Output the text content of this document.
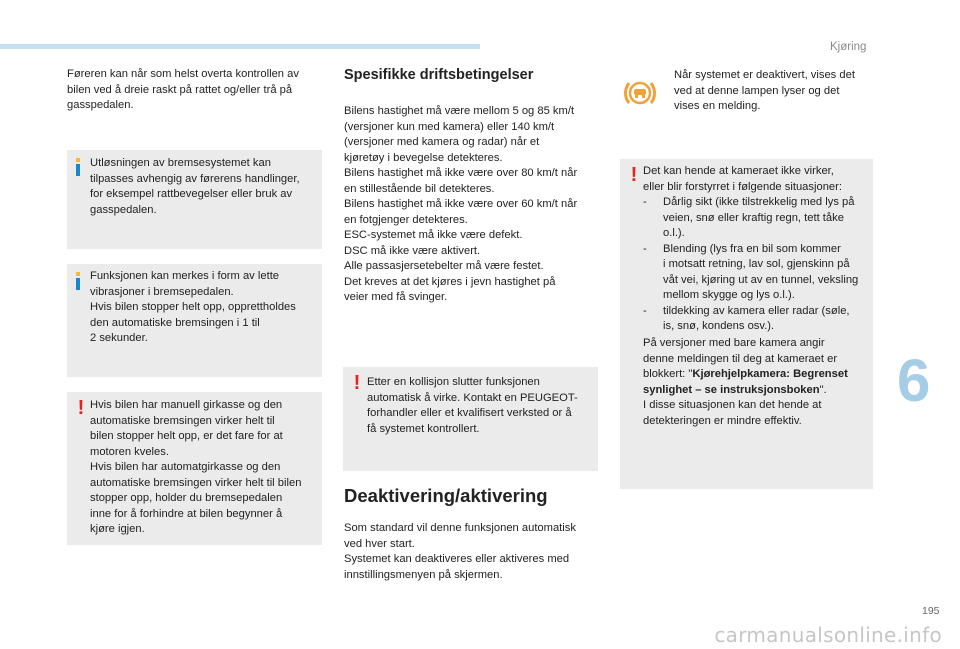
Kjøring
6
195

Føreren kan når som helst overta kontrollen av
bilen ved å dreie raskt på rattet og/eller trå på
gasspedalen.

Utløsningen av bremsesystemet kan
tilpasses avhengig av førerens handlinger,
for eksempel rattbevegelser eller bruk av
gasspedalen.
Funksjonen kan merkes i form av lette
vibrasjoner i bremsepedalen.
Hvis bilen stopper helt opp, opprettholdes
den automatiske bremsingen i 1 til
2 sekunder.
! Hvis bilen har manuell girkasse og den
automatiske bremsingen virker helt til
bilen stopper helt opp, er det fare for at
motoren kveles.
Hvis bilen har automatgirkasse og den
automatiske bremsingen virker helt til bilen
stopper opp, holder du bremsepedalen
inne for å forhindre at bilen begynner å
kjøre igjen.
Spesifikke driftsbetingelser

Bilens hastighet må være mellom 5 og 85 km/t
(versjoner kun med kamera) eller 140 km/t
(versjoner med kamera og radar) når et
kjøretøy i bevegelse detekteres.
Bilens hastighet må ikke være over 80 km/t når
en stillestående bil detekteres.
Bilens hastighet må ikke være over 60 km/t når
en fotgjenger detekteres.
ESC-systemet må ikke være defekt.
DSC må ikke være aktivert.
Alle passasjersetebelter må være festet.
Det kreves at det kjøres i jevn hastighet på
veier med få svinger.

! Etter en kollisjon slutter funksjonen
automatisk å virke. Kontakt en PEUGEOT-
forhandler eller et kvalifisert verksted or å
få systemet kontrollert.
Deaktivering/aktivering

Som standard vil denne funksjonen automatisk
ved hver start.
Systemet kan deaktiveres eller aktiveres med
innstillingsmenyen på skjermen.

Når systemet er deaktivert, vises det
ved at denne lampen lyser og det
vises en melding.

! Det kan hende at kameraet ikke virker,
eller blir forstyrret i følgende situasjoner:
- Dårlig sikt (ikke tilstrekkelig med lys på
veien, snø eller kraftig regn, tett tåke
o.l.).
- Blending (lys fra en bil som kommer
i motsatt retning, lav sol, gjenskinn på
våt vei, kjøring ut av en tunnel, veksling
mellom skygge og lys o.l.).
- tildekking av kamera eller radar (søle,
is, snø, kondens osv.).
På versjoner med bare kamera angir
denne meldingen til deg at kameraet er
blokkert: "Kjørehjelpkamera: Begrenset
synlighet – se instruksjonsboken".
I disse situasjonen kan det hende at
detekteringen er mindre effektiv.
carmanualsonline.info
